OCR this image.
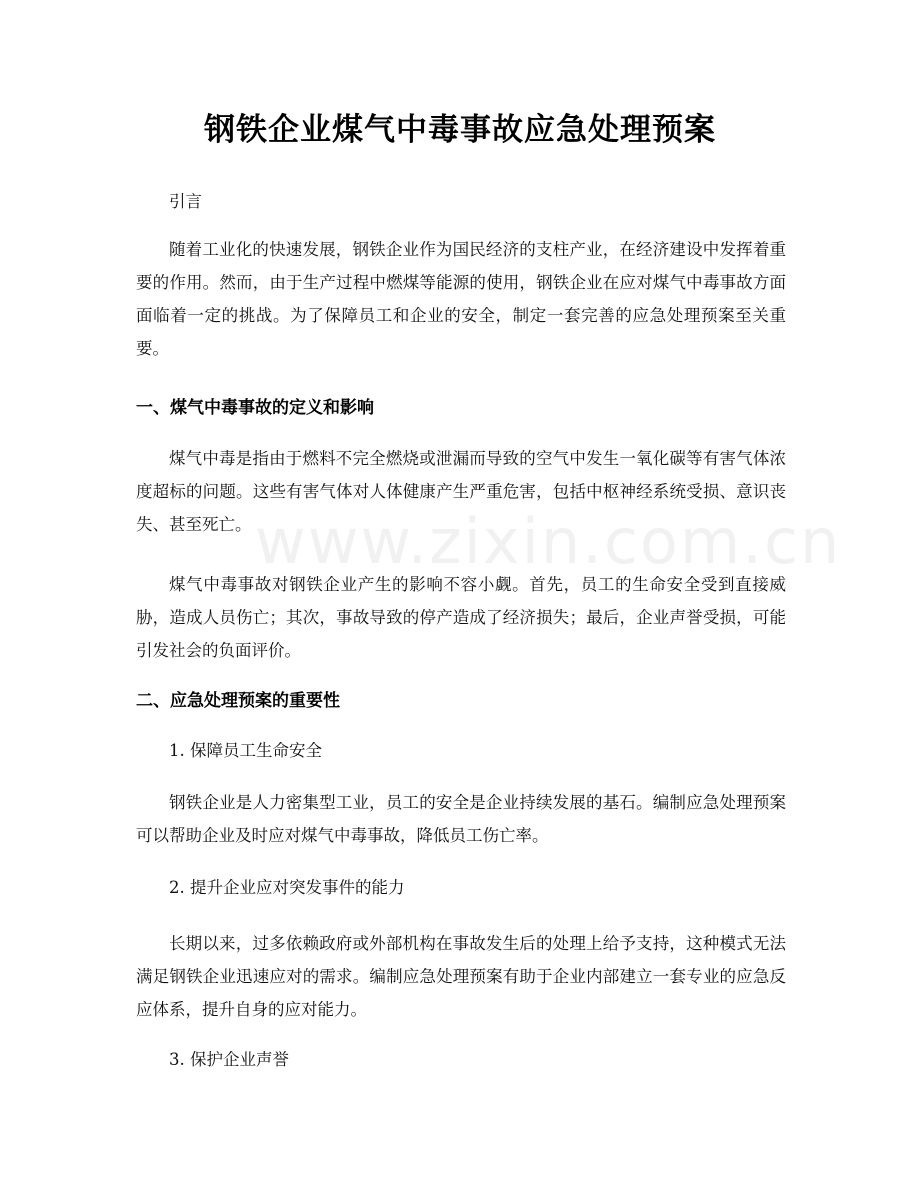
钢铁企业煤气中毒事故应急处理预案

引言

随着工业化的快速发展，钢铁企业作为国民经济的支柱产业，在经济建设中发挥着重要的作用。然而，由于生产过程中燃煤等能源的使用，钢铁企业在应对煤气中毒事故方面面临着一定的挑战。为了保障员工和企业的安全，制定一套完善的应急处理预案至关重要。

一、煤气中毒事故的定义和影响

煤气中毒是指由于燃料不完全燃烧或泄漏而导致的空气中发生一氧化碳等有害气体浓度超标的问题。这些有害气体对人体健康产生严重危害，包括中枢神经系统受损、意识丧失、甚至死亡。

煤气中毒事故对钢铁企业产生的影响不容小觑。首先，员工的生命安全受到直接威胁，造成人员伤亡；其次，事故导致的停产造成了经济损失；最后，企业声誉受损，可能引发社会的负面评价。

二、应急处理预案的重要性

1. 保障员工生命安全

钢铁企业是人力密集型工业，员工的安全是企业持续发展的基石。编制应急处理预案可以帮助企业及时应对煤气中毒事故，降低员工伤亡率。

2. 提升企业应对突发事件的能力

长期以来，过多依赖政府或外部机构在事故发生后的处理上给予支持，这种模式无法满足钢铁企业迅速应对的需求。编制应急处理预案有助于企业内部建立一套专业的应急反应体系，提升自身的应对能力。

3. 保护企业声誉

www.zixin.com.cn
